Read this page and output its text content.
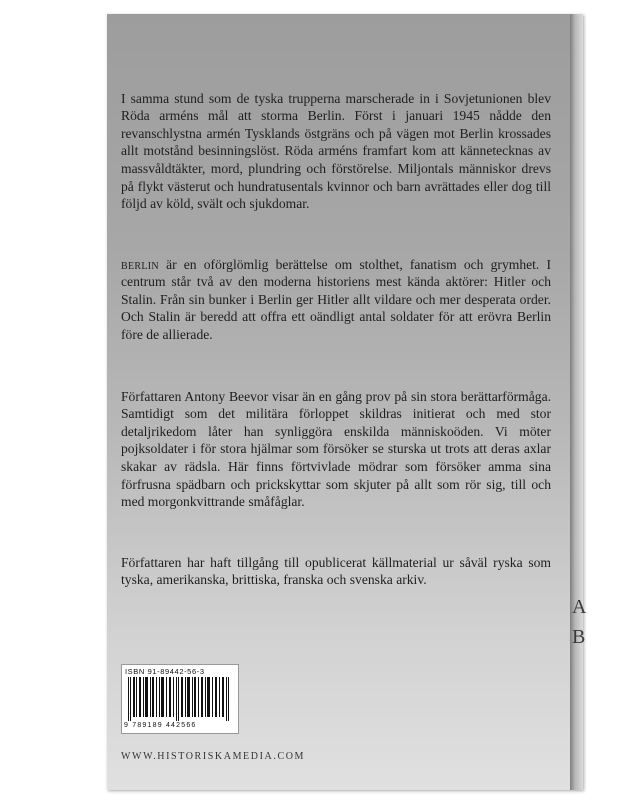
I samma stund som de tyska trupperna marscherade in i Sovjetunionen blev Röda arméns mål att storma Berlin. Först i januari 1945 nådde den revanschlystna armén Tysklands östgräns och på vägen mot Berlin krossades allt motstånd besinningslöst. Röda arméns framfart kom att kännetecknas av massvåldtäkter, mord, plundring och förstörelse. Miljontals människor drevs på flykt västerut och hundratusentals kvinnor och barn avrättades eller dog till följd av köld, svält och sjukdomar.

berlin är en oförglömlig berättelse om stolthet, fanatism och grymhet. I centrum står två av den moderna historiens mest kända aktörer: Hitler och Stalin. Från sin bunker i Berlin ger Hitler allt vildare och mer desperata order. Och Stalin är beredd att offra ett oändligt antal soldater för att erövra Berlin före de allierade.

Författaren Antony Beevor visar än en gång prov på sin stora berättarförmåga. Samtidigt som det militära förloppet skildras initierat och med stor detaljrikedom låter han synliggöra enskilda människoöden. Vi möter pojksoldater i för stora hjälmar som försöker se sturska ut trots att deras axlar skakar av rädsla. Här finns förtvivlade mödrar som försöker amma sina förfrusna spädbarn och prickskyttar som skjuter på allt som rör sig, till och med morgonkvittrande småfåglar.

Författaren har haft tillgång till opublicerat källmaterial ur såväl ryska som tyska, amerikanska, brittiska, franska och svenska arkiv.

ISBN 91-89442-56-3
9 789189 442566
WWW.HISTORISKAMEDIA.COM
A
B
